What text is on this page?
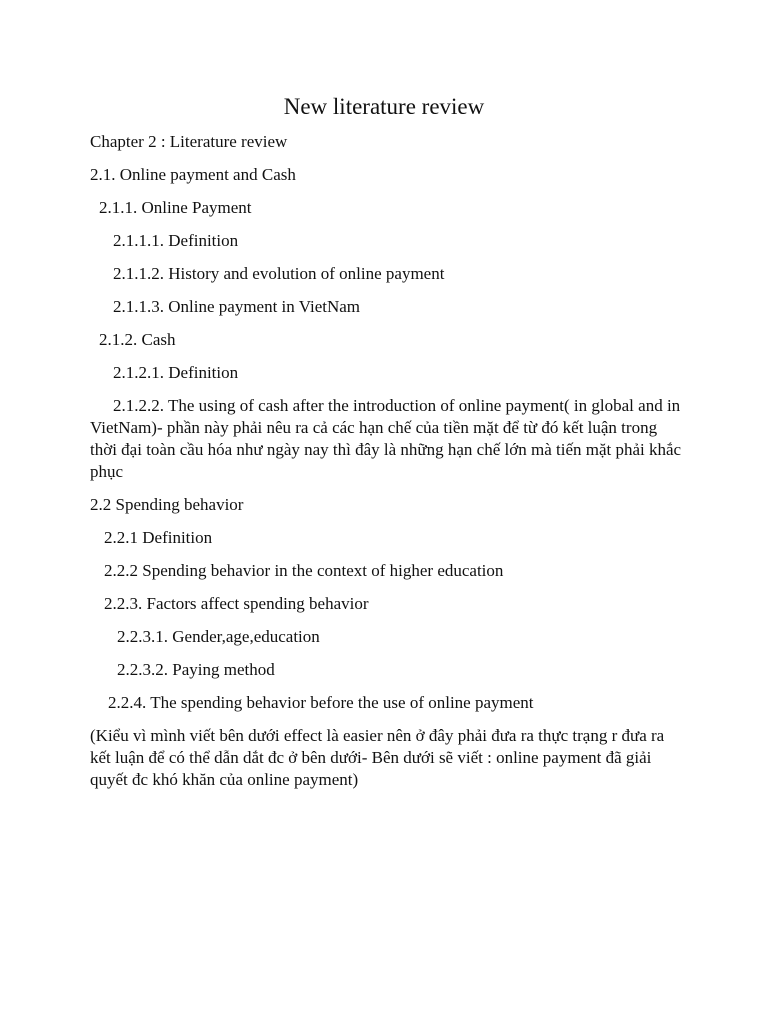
New literature review
Chapter 2 : Literature review
2.1. Online payment and Cash
2.1.1. Online Payment
2.1.1.1. Definition
2.1.1.2. History and evolution of online payment
2.1.1.3. Online payment in VietNam
2.1.2. Cash
2.1.2.1. Definition
2.1.2.2. The using of cash after the introduction of online payment( in global and in VietNam)- phần này phải nêu ra cả các hạn chế của tiền mặt để từ đó kết luận trong thời đại toàn cầu hóa như ngày nay thì đây là những hạn chế lớn mà tiến mặt phải khắc phục
2.2 Spending behavior
2.2.1 Definition
2.2.2 Spending behavior in the context of higher education
2.2.3. Factors affect spending behavior
2.2.3.1. Gender,age,education
2.2.3.2. Paying method
2.2.4. The spending behavior before the use of online payment
(Kiểu vì mình viết bên dưới effect là easier nên ở đây phải đưa ra thực trạng r đưa ra kết luận để có thể dẫn dắt đc ở bên dưới- Bên dưới sẽ viết : online payment đã giải quyết đc khó khăn của online payment)
